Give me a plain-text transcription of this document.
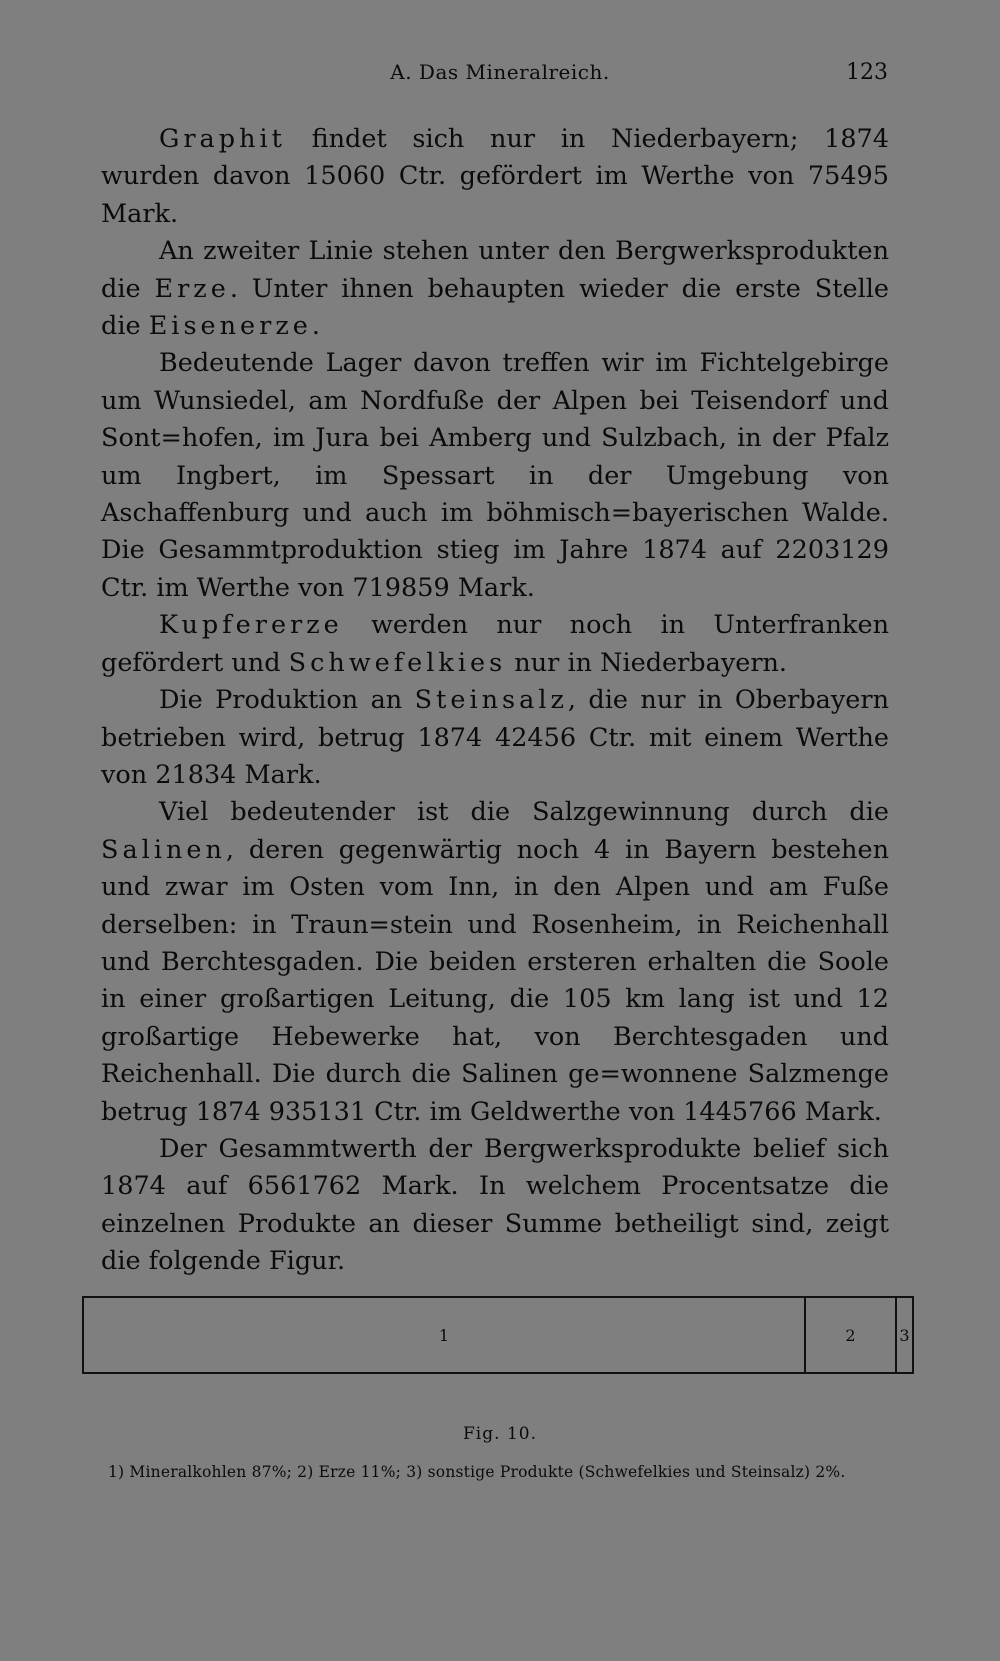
A. Das Mineralreich.	123

Graphit findet sich nur in Niederbayern; 1874 wurden davon 15060 Ctr. gefördert im Werthe von 75495 Mark.

An zweiter Linie stehen unter den Bergwerksprodukten die Erze. Unter ihnen behaupten wieder die erste Stelle die Eisenerze.

Bedeutende Lager davon treffen wir im Fichtelgebirge um Wunsiedel, am Nordfuße der Alpen bei Teisendorf und Sont=hofen, im Jura bei Amberg und Sulzbach, in der Pfalz um Ingbert, im Spessart in der Umgebung von Aschaffenburg und auch im böhmisch=bayerischen Walde. Die Gesammtproduktion stieg im Jahre 1874 auf 2203129 Ctr. im Werthe von 719859 Mark.

Kupfererze werden nur noch in Unterfranken gefördert und Schwefelkies nur in Niederbayern.

Die Produktion an Steinsalz, die nur in Oberbayern betrieben wird, betrug 1874 42456 Ctr. mit einem Werthe von 21834 Mark.

Viel bedeutender ist die Salzgewinnung durch die Salinen, deren gegenwärtig noch 4 in Bayern bestehen und zwar im Osten vom Inn, in den Alpen und am Fuße derselben: in Traun=stein und Rosenheim, in Reichenhall und Berchtesgaden. Die beiden ersteren erhalten die Soole in einer großartigen Leitung, die 105 km lang ist und 12 großartige Hebewerke hat, von Berchtesgaden und Reichenhall. Die durch die Salinen ge=wonnene Salzmenge betrug 1874 935131 Ctr. im Geldwerthe von 1445766 Mark.

Der Gesammtwerth der Bergwerksprodukte belief sich 1874 auf 6561762 Mark. In welchem Procentsatze die einzelnen Produkte an dieser Summe betheiligt sind, zeigt die folgende Figur.

1	2	3
Fig. 10.
1) Mineralkohlen 87%; 2) Erze 11%; 3) sonstige Produkte (Schwefelkies und Steinsalz) 2%.
